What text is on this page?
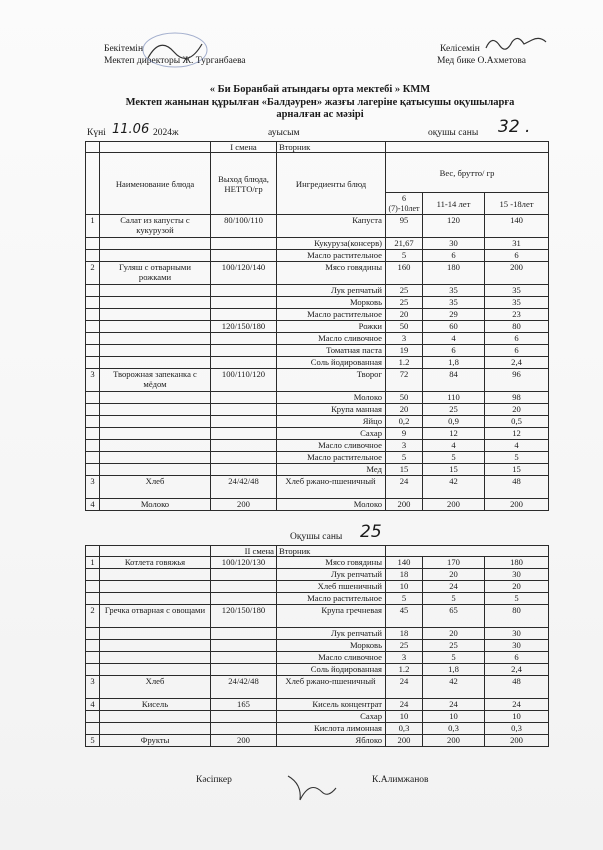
Бекітемін
Мектеп директоры Ж. Турганбаева
Келісемін
Мед бике О.Ахметова
« Би Боранбай атындағы орта мектебі » КММ
Мектеп жанынан құрылған «Балдәурен» жазғы лагеріне қатысушы оқушыларға
арналған ас мәзірі
Күні 11.06 2024ж	ауысым	оқушы саны 32 .
		I смена	Вторник			
	Наименование блюда	Выход блюда, НЕТТО/гр	Ингредиенты блюд	Вес, брутто/ гр		
				6 (7)-10лет	11-14 лет	15 -18лет
1	Салат из капусты с кукурузой	80/100/110	Капуста	95	120	140
			Кукуруза(консерв)	21,67	30	31
			Масло растительное	5	6	6
2	Гуляш с отварными рожками	100/120/140	Мясо говядины	160	180	200
			Лук репчатый	25	35	35
			Морковь	25	35	35
			Масло растительное	20	29	23
		120/150/180	Рожки	50	60	80
			Масло сливочное	3	4	6
			Томатная паста	19	6	6
			Соль йодированная	1.2	1,8	2,4
3	Творожная запеканка с мёдом	100/110/120	Творог	72	84	96
			Молоко	50	110	98
			Крупа манная	20	25	20
			Яйцо	0,2	0,9	0,5
			Сахар	9	12	12
			Масло сливочное	3	4	4
			Масло растительное	5	5	5
			Мед	15	15	15
3	Хлеб	24/42/48	Хлеб ржано-пшеничный	24	42	48
4	Молоко	200	Молоко	200	200	200
Оқушы саны 25
		II смена	Вторник			
1	Котлета говяжья	100/120/130	Мясо говядины	140	170	180
			Лук репчатый	18	20	30
			Хлеб пшеничный	10	24	20
			Масло растительное	5	5	5
2	Гречка отварная с овощами	120/150/180	Крупа гречневая	45	65	80
			Лук репчатый	18	20	30
			Морковь	25	25	30
			Масло сливочное	3	5	6
			Соль йодированная	1.2	1,8	2,4
3	Хлеб	24/42/48	Хлеб ржано-пшеничный	24	42	48
4	Кисель	165	Кисель концентрат	24	24	24
			Сахар	10	10	10
			Кислота лимонная	0,3	0,3	0,3
5	Фрукты	200	Яблоко	200	200	200
Кәсіпкер	К.Алимжанов
